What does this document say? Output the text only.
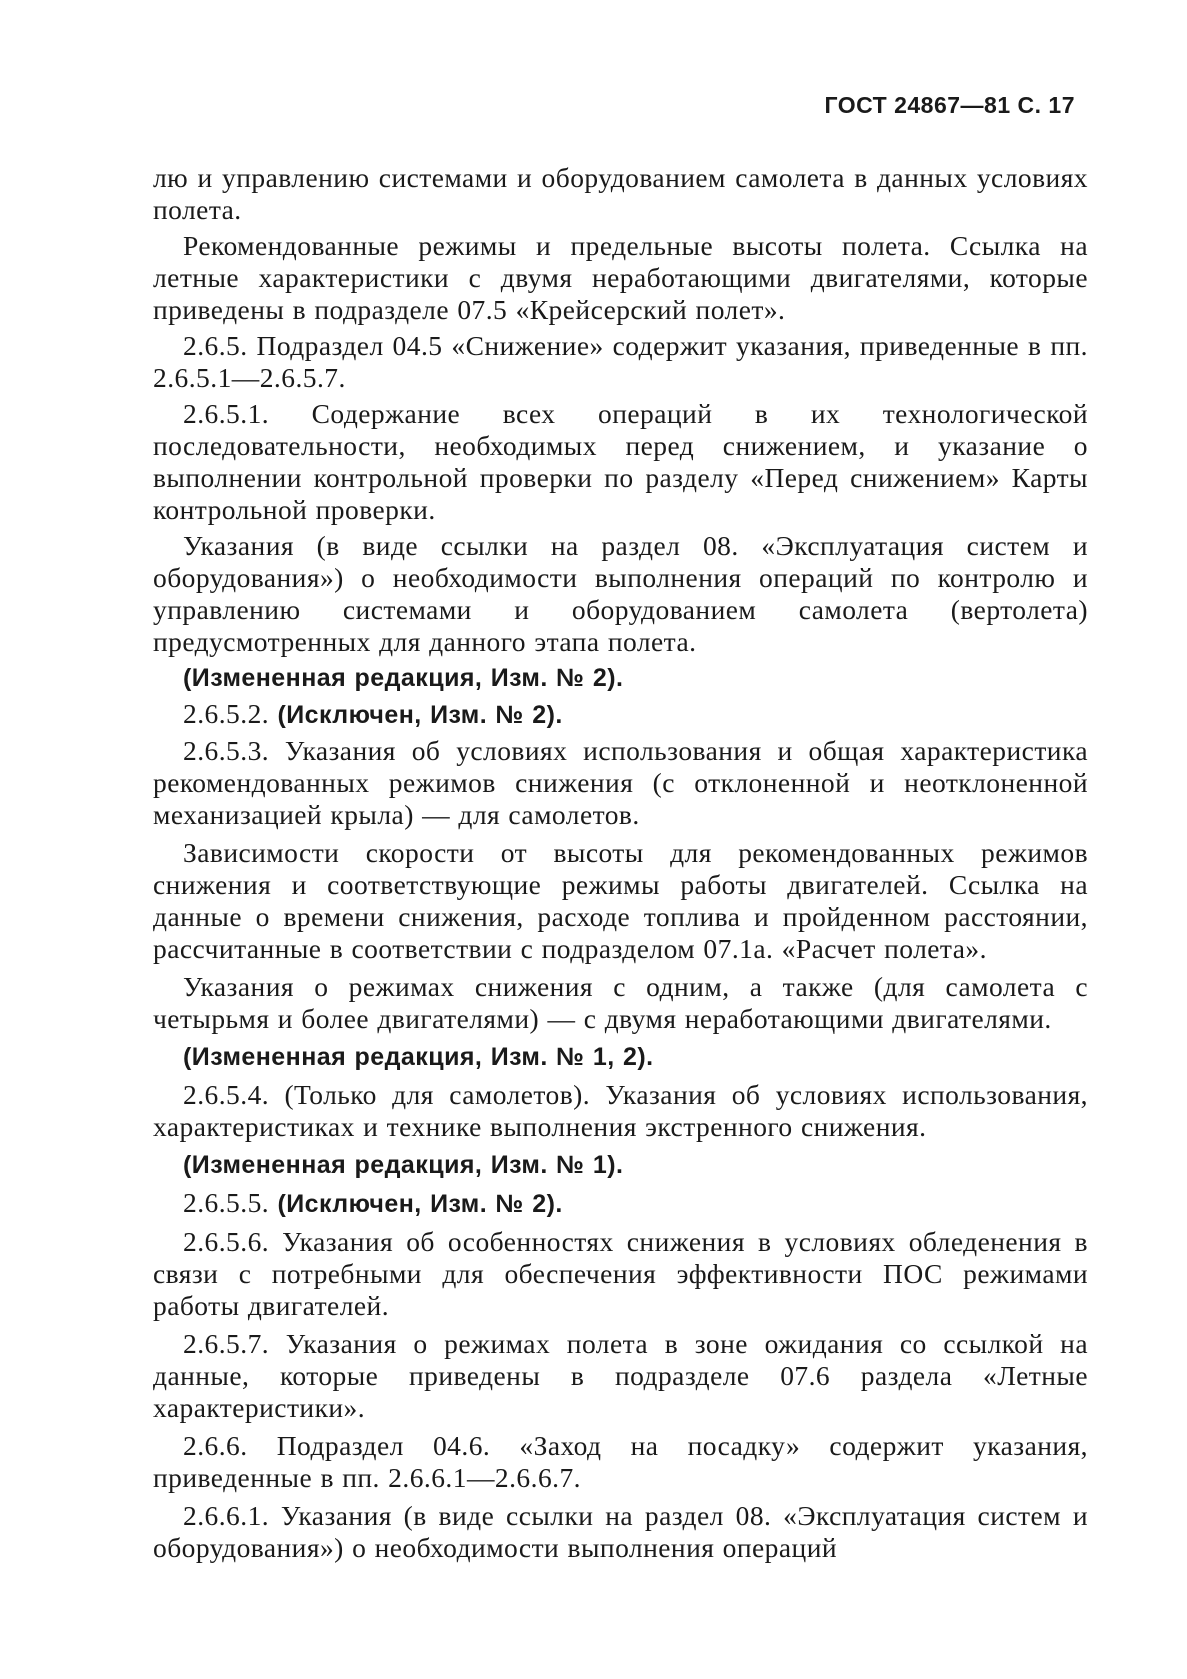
ГОСТ 24867—81 С. 17

лю и управлению системами и оборудованием самолета в данных условиях полета.

Рекомендованные режимы и предельные высоты полета. Ссылка на летные характеристики с двумя неработающими двигателями, которые приведены в подразделе 07.5 «Крейсерский полет».

2.6.5. Подраздел 04.5 «Снижение» содержит указания, приведенные в пп. 2.6.5.1—2.6.5.7.

2.6.5.1. Содержание всех операций в их технологической последовательности, необходимых перед снижением, и указание о выполнении контрольной проверки по разделу «Перед снижением» Карты контрольной проверки.

Указания (в виде ссылки на раздел 08. «Эксплуатация систем и оборудования») о необходимости выполнения операций по контролю и управлению системами и оборудованием самолета (вертолета) предусмотренных для данного этапа полета.

(Измененная редакция, Изм. № 2).

2.6.5.2. (Исключен, Изм. № 2).

2.6.5.3. Указания об условиях использования и общая характеристика рекомендованных режимов снижения (с отклоненной и неотклоненной механизацией крыла) — для самолетов.

Зависимости скорости от высоты для рекомендованных режимов снижения и соответствующие режимы работы двигателей. Ссылка на данные о времени снижения, расходе топлива и пройденном расстоянии, рассчитанные в соответствии с подразделом 07.1а. «Расчет полета».

Указания о режимах снижения с одним, а также (для самолета с четырьмя и более двигателями) — с двумя неработающими двигателями.

(Измененная редакция, Изм. № 1, 2).

2.6.5.4. (Только для самолетов). Указания об условиях использования, характеристиках и технике выполнения экстренного снижения.

(Измененная редакция, Изм. № 1).

2.6.5.5. (Исключен, Изм. № 2).

2.6.5.6. Указания об особенностях снижения в условиях обледенения в связи с потребными для обеспечения эффективности ПОС режимами работы двигателей.

2.6.5.7. Указания о режимах полета в зоне ожидания со ссылкой на данные, которые приведены в подразделе 07.6 раздела «Летные характеристики».

2.6.6. Подраздел 04.6. «Заход на посадку» содержит указания, приведенные в пп. 2.6.6.1—2.6.6.7.

2.6.6.1. Указания (в виде ссылки на раздел 08. «Эксплуатация систем и оборудования») о необходимости выполнения операций
